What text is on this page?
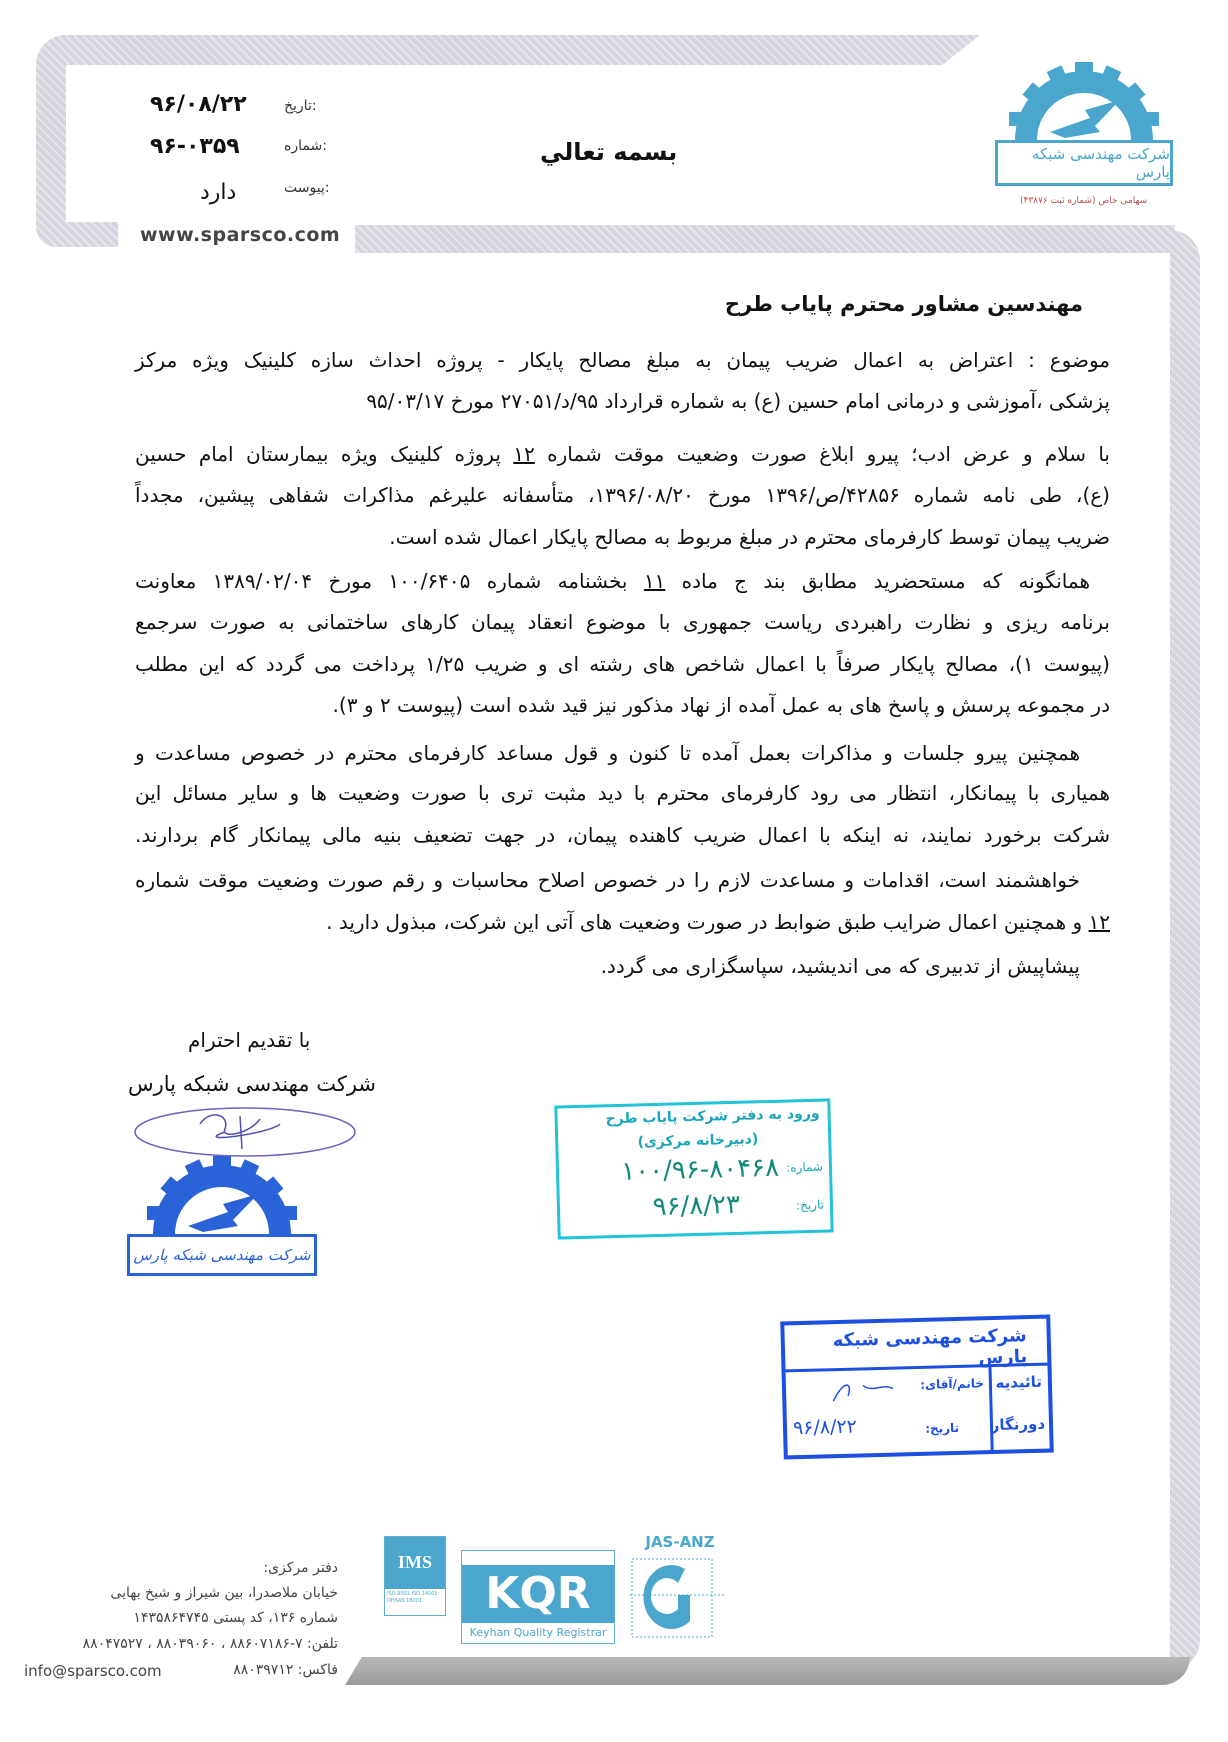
تاریخ:
۹۶/۰۸/۲۲
شماره:
۹۶-۰۳۵۹
پیوست:
دارد
www.sparsco.com
بسمه تعالي	شرکت مهندسی شبکه پارس
سهامی خاص (شماره ثبت ۴۳۸۷۶)
مهندسین مشاور محترم پایاب طرح
موضوع : اعتراض به اعمال ضریب پیمان به مبلغ مصالح پایکار - پروژه احداث سازه کلینیک ویژه مرکز
پزشکی ،آموزشی و درمانی امام حسین (ع) به شماره قرارداد ۹۵/د/۲۷۰۵۱ مورخ ۹۵/۰۳/۱۷
با سلام و عرض ادب؛ پیرو ابلاغ صورت وضعیت موقت شماره ۱۲ پروژه کلینیک ویژه بیمارستان امام حسین
(ع)، طی نامه شماره ۴۲۸۵۶/ص/۱۳۹۶ مورخ ۱۳۹۶/۰۸/۲۰، متأسفانه علیرغم مذاکرات شفاهی پیشین، مجدداً
ضریب پیمان توسط کارفرمای محترم در مبلغ مربوط به مصالح پایکار اعمال شده است.
همانگونه که مستحضرید مطابق بند ج ماده ۱۱ بخشنامه شماره ۱۰۰/۶۴۰۵ مورخ ۱۳۸۹/۰۲/۰۴ معاونت
برنامه ریزی و نظارت راهبردی ریاست جمهوری با موضوع انعقاد پیمان کارهای ساختمانی به صورت سرجمع
(پیوست ۱)، مصالح پایکار صرفاً با اعمال شاخص های رشته ای و ضریب ۱/۲۵ پرداخت می گردد که این مطلب
در مجموعه پرسش و پاسخ های به عمل آمده از نهاد مذکور نیز قید شده است (پیوست ۲ و ۳).
همچنین پیرو جلسات و مذاکرات بعمل آمده تا کنون و قول مساعد کارفرمای محترم در خصوص مساعدت و
همیاری با پیمانکار، انتظار می رود کارفرمای محترم با دید مثبت تری با صورت وضعیت ها و سایر مسائل این
شرکت برخورد نمایند، نه اینکه با اعمال ضریب کاهنده پیمان، در جهت تضعیف بنیه مالی پیمانکار گام بردارند.
خواهشمند است، اقدامات و مساعدت لازم را در خصوص اصلاح محاسبات و رقم صورت وضعیت موقت شماره
۱۲ و همچنین اعمال ضرایب طبق ضوابط در صورت وضعیت های آتی این شرکت، مبذول دارید .
پیشاپیش از تدبیری که می اندیشید، سپاسگزاری می گردد.
با تقدیم احترام
شرکت مهندسی شبکه پارس
شرکت مهندسی شبکه پارس
ورود به دفتر شرکت پایاب طرح
(دبیرخانه مرکزی)
شماره:
۱۰۰/۹۶-۸۰۴۶۸
تاریخ:
۹۶/۸/۲۳
شرکت مهندسی شبکه پارس
تائیدیه
دورنگار
خانم/آقای:
تاریخ:
۹۶/۸/۲۲
دفتر مرکزی:
خیابان ملاصدرا، بین شیراز و شیخ بهایی
شماره ۱۳۶، کد پستی ۱۴۳۵۸۶۴۷۴۵
تلفن: ۷-۸۸۶۰۷۱۸۶ ، ۸۸۰۳۹۰۶۰ ، ۸۸۰۴۷۵۲۷
فاکس: ۸۸۰۳۹۷۱۲
info@sparsco.com
IMS
ISO 9001 ISO 14001 OHSAS 18001	KQR
Keyhan Quality Registrar
JAS-ANZ
